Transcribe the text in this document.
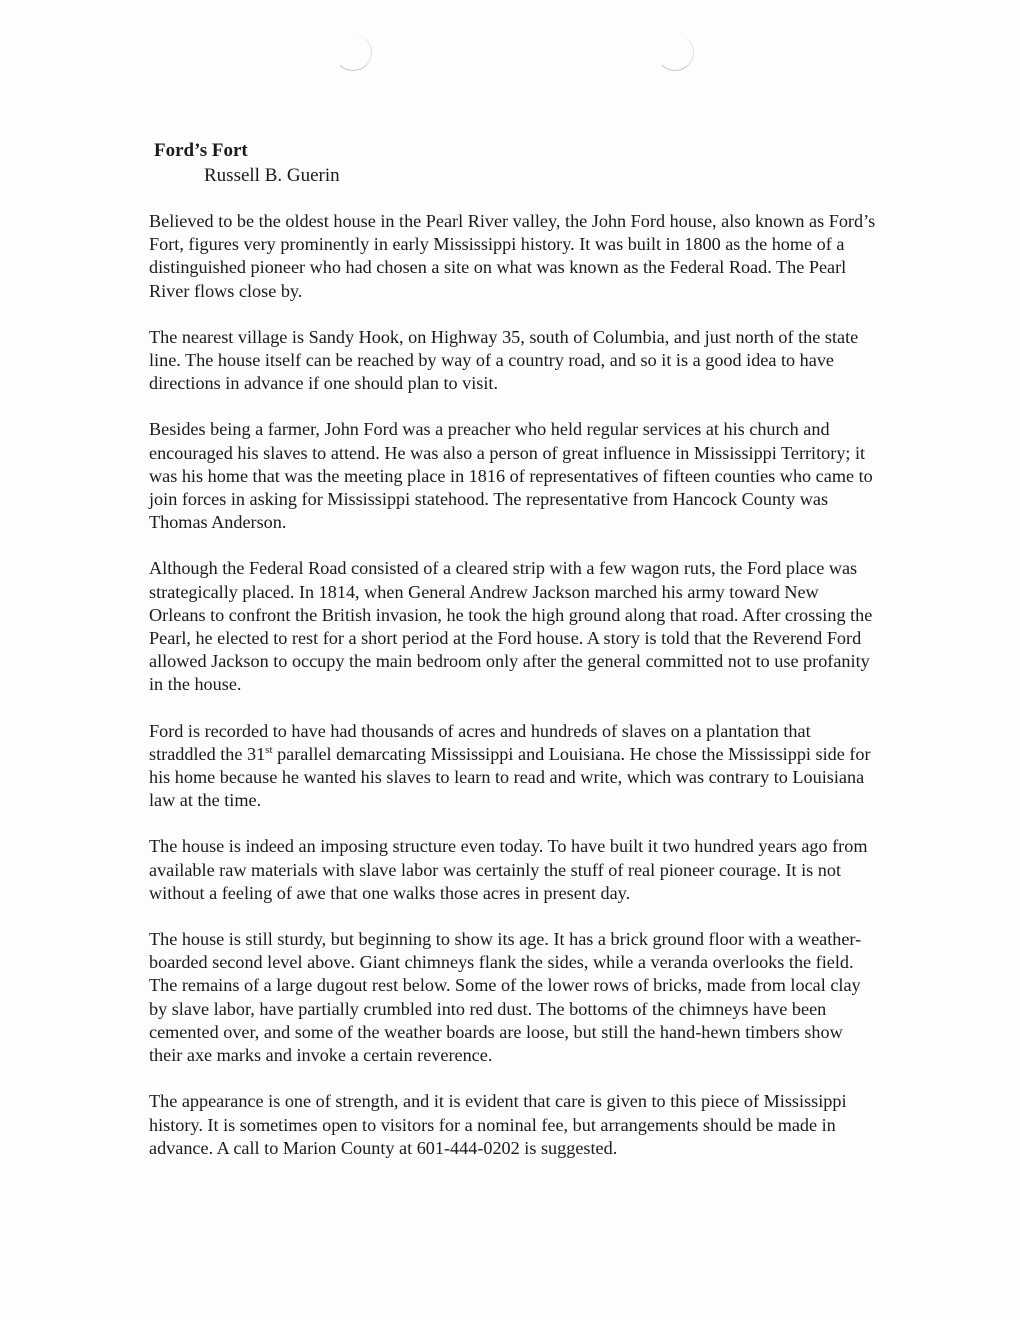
Ford’s Fort
Russell B. Guerin

Believed to be the oldest house in the Pearl River valley, the John Ford house, also known as Ford’s Fort, figures very prominently in early Mississippi history. It was built in 1800 as the home of a distinguished pioneer who had chosen a site on what was known as the Federal Road. The Pearl River flows close by.

The nearest village is Sandy Hook, on Highway 35, south of Columbia, and just north of the state line. The house itself can be reached by way of a country road, and so it is a good idea to have directions in advance if one should plan to visit.

Besides being a farmer, John Ford was a preacher who held regular services at his church and encouraged his slaves to attend. He was also a person of great influence in Mississippi Territory; it was his home that was the meeting place in 1816 of representatives of fifteen counties who came to join forces in asking for Mississippi statehood. The representative from Hancock County was Thomas Anderson.

Although the Federal Road consisted of a cleared strip with a few wagon ruts, the Ford place was strategically placed. In 1814, when General Andrew Jackson marched his army toward New Orleans to confront the British invasion, he took the high ground along that road. After crossing the Pearl, he elected to rest for a short period at the Ford house. A story is told that the Reverend Ford allowed Jackson to occupy the main bedroom only after the general committed not to use profanity in the house.

Ford is recorded to have had thousands of acres and hundreds of slaves on a plantation that straddled the 31st parallel demarcating Mississippi and Louisiana. He chose the Mississippi side for his home because he wanted his slaves to learn to read and write, which was contrary to Louisiana law at the time.

The house is indeed an imposing structure even today. To have built it two hundred years ago from available raw materials with slave labor was certainly the stuff of real pioneer courage. It is not without a feeling of awe that one walks those acres in present day.

The house is still sturdy, but beginning to show its age. It has a brick ground floor with a weather-boarded second level above. Giant chimneys flank the sides, while a veranda overlooks the field. The remains of a large dugout rest below. Some of the lower rows of bricks, made from local clay by slave labor, have partially crumbled into red dust. The bottoms of the chimneys have been cemented over, and some of the weather boards are loose, but still the hand-hewn timbers show their axe marks and invoke a certain reverence.

The appearance is one of strength, and it is evident that care is given to this piece of Mississippi history. It is sometimes open to visitors for a nominal fee, but arrangements should be made in advance. A call to Marion County at 601-444-0202 is suggested.
